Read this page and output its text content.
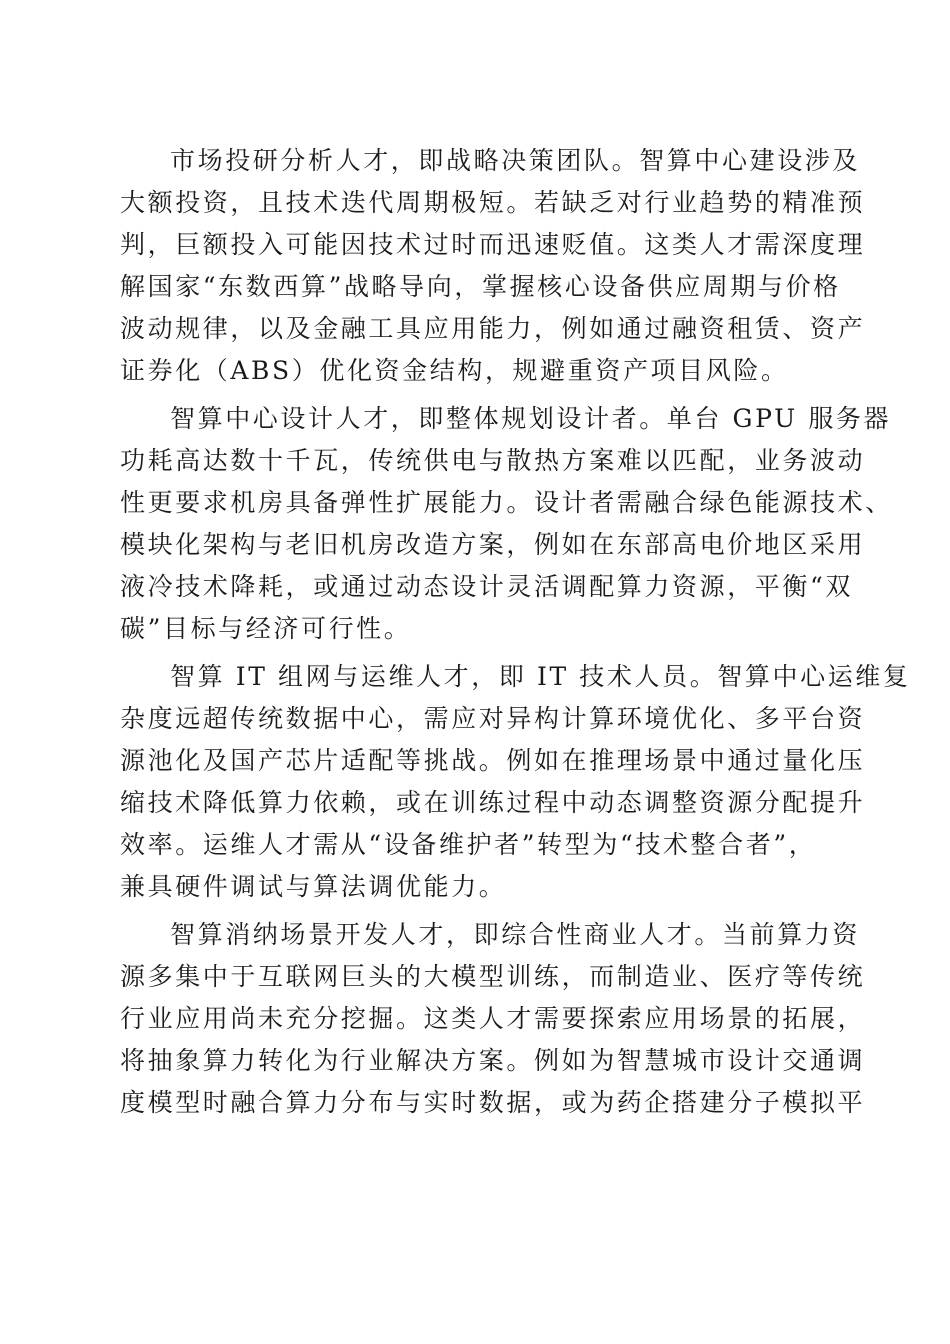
市场投研分析人才，即战略决策团队。智算中心建设涉及
大额投资，且技术迭代周期极短。若缺乏对行业趋势的精准预
判，巨额投入可能因技术过时而迅速贬值。这类人才需深度理
解国家“东数西算”战略导向，掌握核心设备供应周期与价格
波动规律，以及金融工具应用能力，例如通过融资租赁、资产
证券化（ABS）优化资金结构，规避重资产项目风险。
智算中心设计人才，即整体规划设计者。单台 GPU 服务器
功耗高达数十千瓦，传统供电与散热方案难以匹配，业务波动
性更要求机房具备弹性扩展能力。设计者需融合绿色能源技术、
模块化架构与老旧机房改造方案，例如在东部高电价地区采用
液冷技术降耗，或通过动态设计灵活调配算力资源，平衡“双
碳”目标与经济可行性。
智算 IT 组网与运维人才，即 IT 技术人员。智算中心运维复
杂度远超传统数据中心，需应对异构计算环境优化、多平台资
源池化及国产芯片适配等挑战。例如在推理场景中通过量化压
缩技术降低算力依赖，或在训练过程中动态调整资源分配提升
效率。运维人才需从“设备维护者”转型为“技术整合者”，
兼具硬件调试与算法调优能力。
智算消纳场景开发人才，即综合性商业人才。当前算力资
源多集中于互联网巨头的大模型训练，而制造业、医疗等传统
行业应用尚未充分挖掘。这类人才需要探索应用场景的拓展，
将抽象算力转化为行业解决方案。例如为智慧城市设计交通调
度模型时融合算力分布与实时数据，或为药企搭建分子模拟平
